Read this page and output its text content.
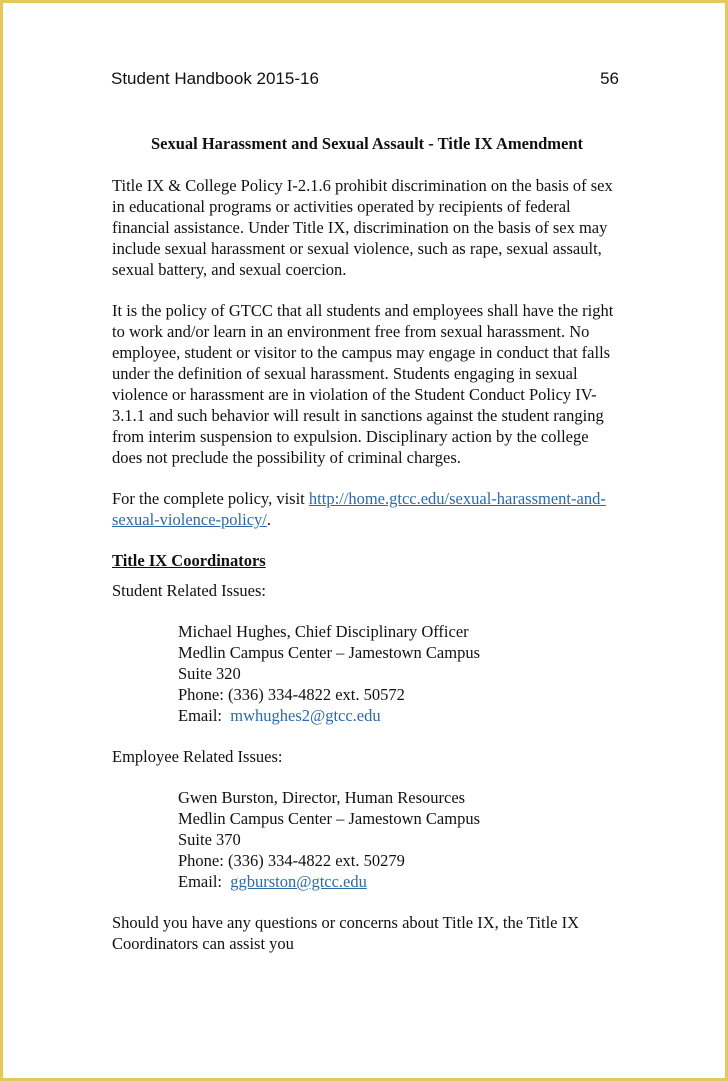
Student Handbook 2015-16	56
Sexual Harassment and Sexual Assault - Title IX Amendment

Title IX & College Policy I-2.1.6 prohibit discrimination on the basis of sex in educational programs or activities operated by recipients of federal financial assistance. Under Title IX, discrimination on the basis of sex may include sexual harassment or sexual violence, such as rape, sexual assault, sexual battery, and sexual coercion.

It is the policy of GTCC that all students and employees shall have the right to work and/or learn in an environment free from sexual harassment. No employee, student or visitor to the campus may engage in conduct that falls under the definition of sexual harassment. Students engaging in sexual violence or harassment are in violation of the Student Conduct Policy IV-3.1.1 and such behavior will result in sanctions against the student ranging from interim suspension to expulsion. Disciplinary action by the college does not preclude the possibility of criminal charges.

For the complete policy, visit http://home.gtcc.edu/sexual-harassment-and-sexual-violence-policy/.

Title IX Coordinators
Student Related Issues:
Michael Hughes, Chief Disciplinary Officer
Medlin Campus Center – Jamestown Campus
Suite 320
Phone: (336) 334-4822 ext. 50572
Email:  mwhughes2@gtcc.edu
Employee Related Issues:
Gwen Burston, Director, Human Resources
Medlin Campus Center – Jamestown Campus
Suite 370
Phone: (336) 334-4822 ext. 50279
Email:  ggburston@gtcc.edu

Should you have any questions or concerns about Title IX, the Title IX Coordinators can assist you
